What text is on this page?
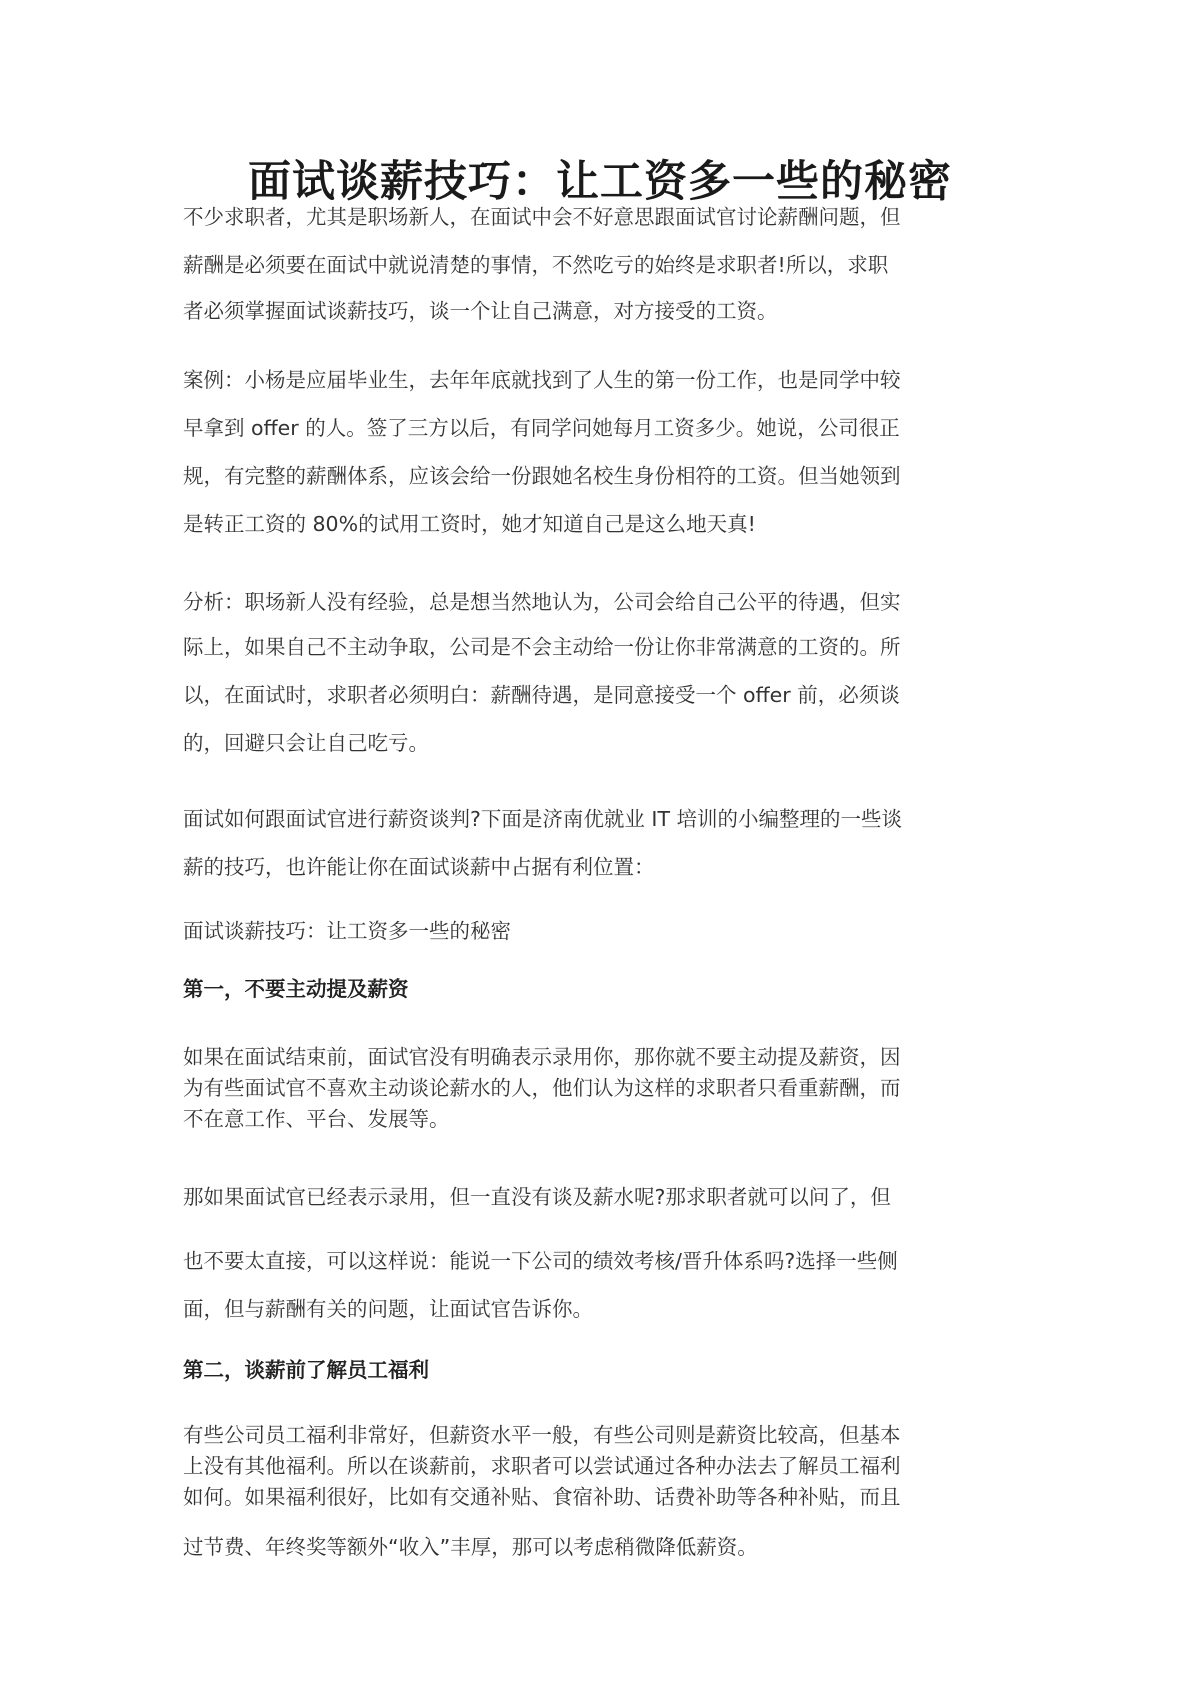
面试谈薪技巧：让工资多一些的秘密
不少求职者，尤其是职场新人，在面试中会不好意思跟面试官讨论薪酬问题，但
薪酬是必须要在面试中就说清楚的事情，不然吃亏的始终是求职者!所以，求职
者必须掌握面试谈薪技巧，谈一个让自己满意，对方接受的工资。
案例：小杨是应届毕业生，去年年底就找到了人生的第一份工作，也是同学中较
早拿到 offer 的人。签了三方以后，有同学问她每月工资多少。她说，公司很正
规，有完整的薪酬体系，应该会给一份跟她名校生身份相符的工资。但当她领到
是转正工资的 80%的试用工资时，她才知道自己是这么地天真!
分析：职场新人没有经验，总是想当然地认为，公司会给自己公平的待遇，但实
际上，如果自己不主动争取，公司是不会主动给一份让你非常满意的工资的。所
以，在面试时，求职者必须明白：薪酬待遇，是同意接受一个 offer 前，必须谈
的，回避只会让自己吃亏。
面试如何跟面试官进行薪资谈判?下面是济南优就业 IT 培训的小编整理的一些谈
薪的技巧，也许能让你在面试谈薪中占据有利位置：
面试谈薪技巧：让工资多一些的秘密
第一，不要主动提及薪资
如果在面试结束前，面试官没有明确表示录用你，那你就不要主动提及薪资，因
为有些面试官不喜欢主动谈论薪水的人，他们认为这样的求职者只看重薪酬，而
不在意工作、平台、发展等。
那如果面试官已经表示录用，但一直没有谈及薪水呢?那求职者就可以问了，但
也不要太直接，可以这样说：能说一下公司的绩效考核/晋升体系吗?选择一些侧
面，但与薪酬有关的问题，让面试官告诉你。
第二，谈薪前了解员工福利
有些公司员工福利非常好，但薪资水平一般，有些公司则是薪资比较高，但基本
上没有其他福利。所以在谈薪前，求职者可以尝试通过各种办法去了解员工福利
如何。如果福利很好，比如有交通补贴、食宿补助、话费补助等各种补贴，而且
过节费、年终奖等额外“收入”丰厚，那可以考虑稍微降低薪资。
